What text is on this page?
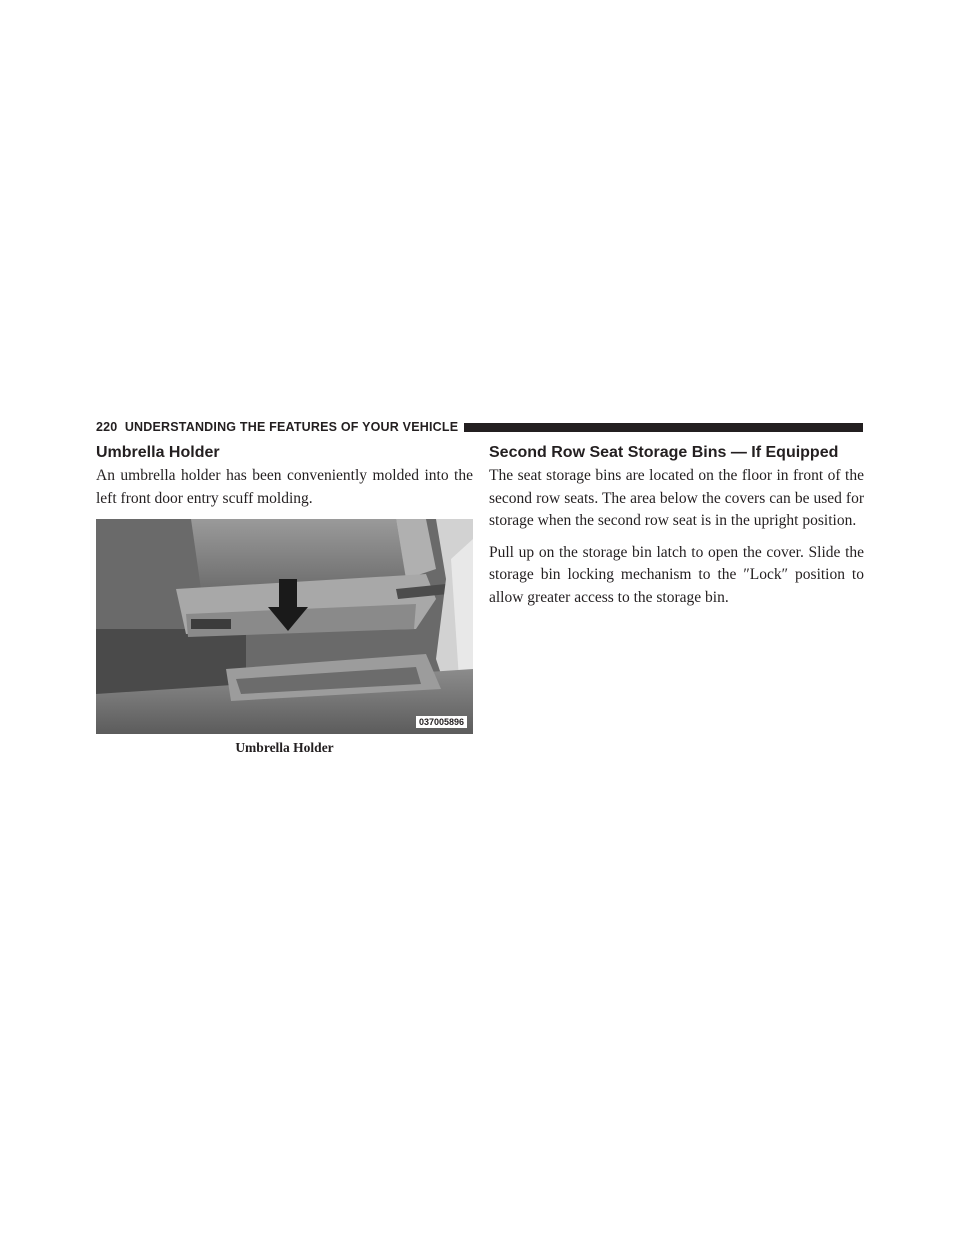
220 UNDERSTANDING THE FEATURES OF YOUR VEHICLE
Umbrella Holder

An umbrella holder has been conveniently molded into the left front door entry scuff molding.

037005896
Umbrella Holder
Second Row Seat Storage Bins — If Equipped

The seat storage bins are located on the floor in front of the second row seats. The area below the covers can be used for storage when the second row seat is in the upright position.

Pull up on the storage bin latch to open the cover. Slide the storage bin locking mechanism to the ″Lock″ position to allow greater access to the storage bin.
